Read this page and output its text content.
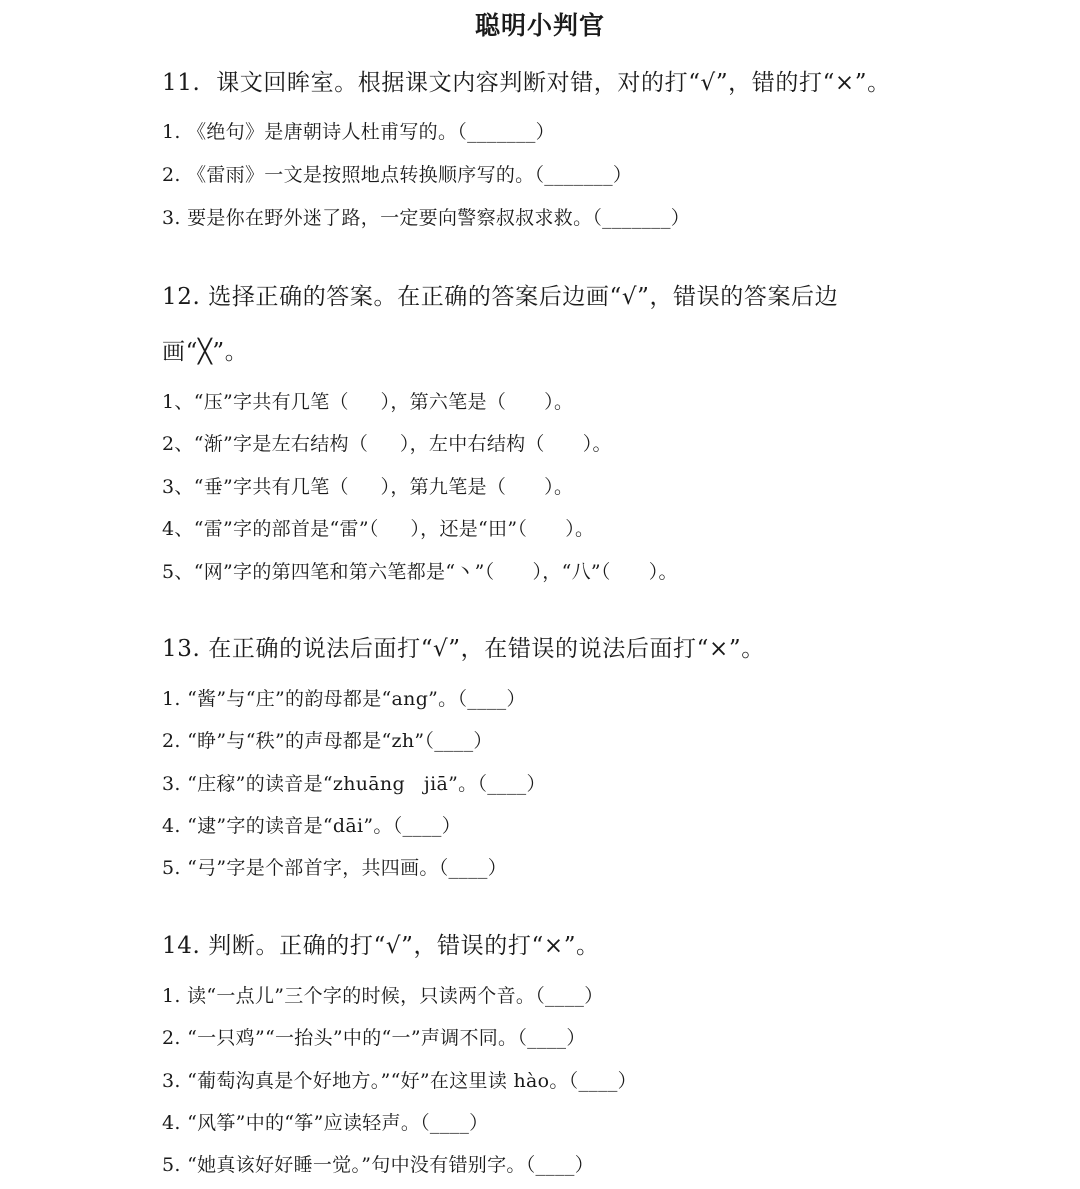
聪明小判官
11.  课文回眸室。根据课文内容判断对错，对的打“√”，错的打“×”。
1. 《绝句》是唐朝诗人杜甫写的。（_______）
2. 《雷雨》一文是按照地点转换顺序写的。（_______）
3. 要是你在野外迷了路，一定要向警察叔叔求救。（_______）
12. 选择正确的答案。在正确的答案后边画“√”，错误的答案后边
画“╳”。
1、“压”字共有几笔（     ），第六笔是（      ）。
2、“渐”字是左右结构（     ），左中右结构（      ）。
3、“垂”字共有几笔（     ），第九笔是（      ）。
4、“雷”字的部首是“雷”（     ），还是“田”（      ）。
5、“网”字的第四笔和第六笔都是“丶”（      ），“八”（      ）。
13. 在正确的说法后面打“√”，在错误的说法后面打“×”。
1. “酱”与“庄”的韵母都是“ang”。（____）
2. “睁”与“秩”的声母都是“zh”（____）
3. “庄稼”的读音是“zhuāng   jiā”。（____）
4. “逮”字的读音是“dāi”。（____）
5. “弓”字是个部首字，共四画。（____）
14. 判断。正确的打“√”，错误的打“×”。
1. 读“一点儿”三个字的时候，只读两个音。（____）
2. “一只鸡”“一抬头”中的“一”声调不同。（____）
3. “葡萄沟真是个好地方。”“好”在这里读 hào。（____）
4. “风筝”中的“筝”应读轻声。（____）
5. “她真该好好睡一觉。”句中没有错别字。（____）
